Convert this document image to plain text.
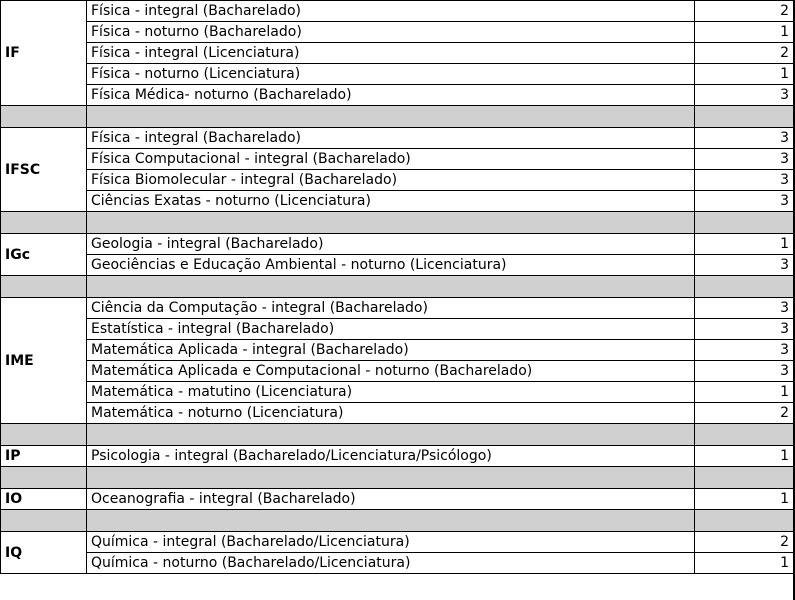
IF	Física - integral (Bacharelado)	2
	Física - noturno (Bacharelado)	1
	Física - integral (Licenciatura)	2
	Física - noturno (Licenciatura)	1
	Física Médica- noturno (Bacharelado)	3

IFSC	Física - integral (Bacharelado)	3
	Física Computacional - integral (Bacharelado)	3
	Física Biomolecular - integral (Bacharelado)	3
	Ciências Exatas - noturno (Licenciatura)	3

IGc	Geologia - integral (Bacharelado)	1
	Geociências e Educação Ambiental - noturno (Licenciatura)	3

IME	Ciência da Computação - integral (Bacharelado)	3
	Estatística - integral (Bacharelado)	3
	Matemática Aplicada - integral (Bacharelado)	3
	Matemática Aplicada e Computacional - noturno (Bacharelado)	3
	Matemática - matutino (Licenciatura)	1
	Matemática - noturno (Licenciatura)	2

IP	Psicologia - integral (Bacharelado/Licenciatura/Psicólogo)	1

IO	Oceanografia - integral (Bacharelado)	1

IQ	Química - integral (Bacharelado/Licenciatura)	2
	Química - noturno (Bacharelado/Licenciatura)	1
